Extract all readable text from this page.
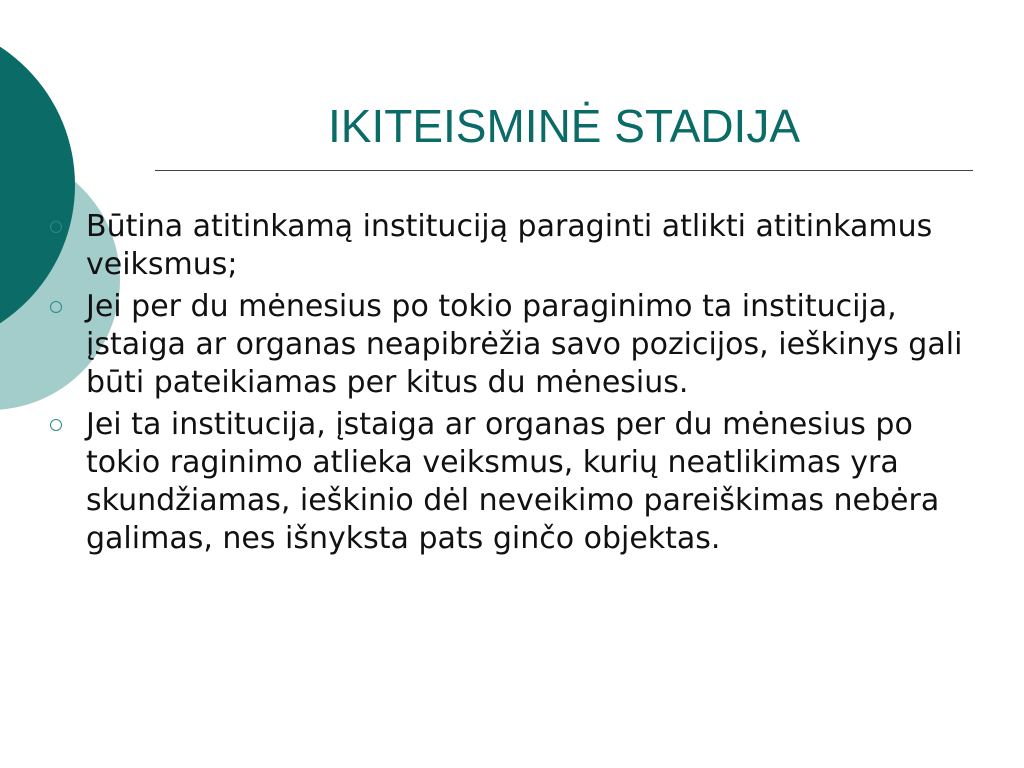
IKITEISMINĖ STADIJA
Būtina atitinkamą instituciją paraginti atlikti atitinkamus veiksmus;
Jei per du mėnesius po tokio paraginimo ta institucija, įstaiga ar organas neapibrėžia savo pozicijos, ieškinys gali būti pateikiamas per kitus du mėnesius.
Jei ta institucija, įstaiga ar organas per du mėnesius po tokio raginimo atlieka veiksmus, kurių neatlikimas yra skundžiamas, ieškinio dėl neveikimo pareiškimas nebėra galimas, nes išnyksta pats ginčo objektas.
